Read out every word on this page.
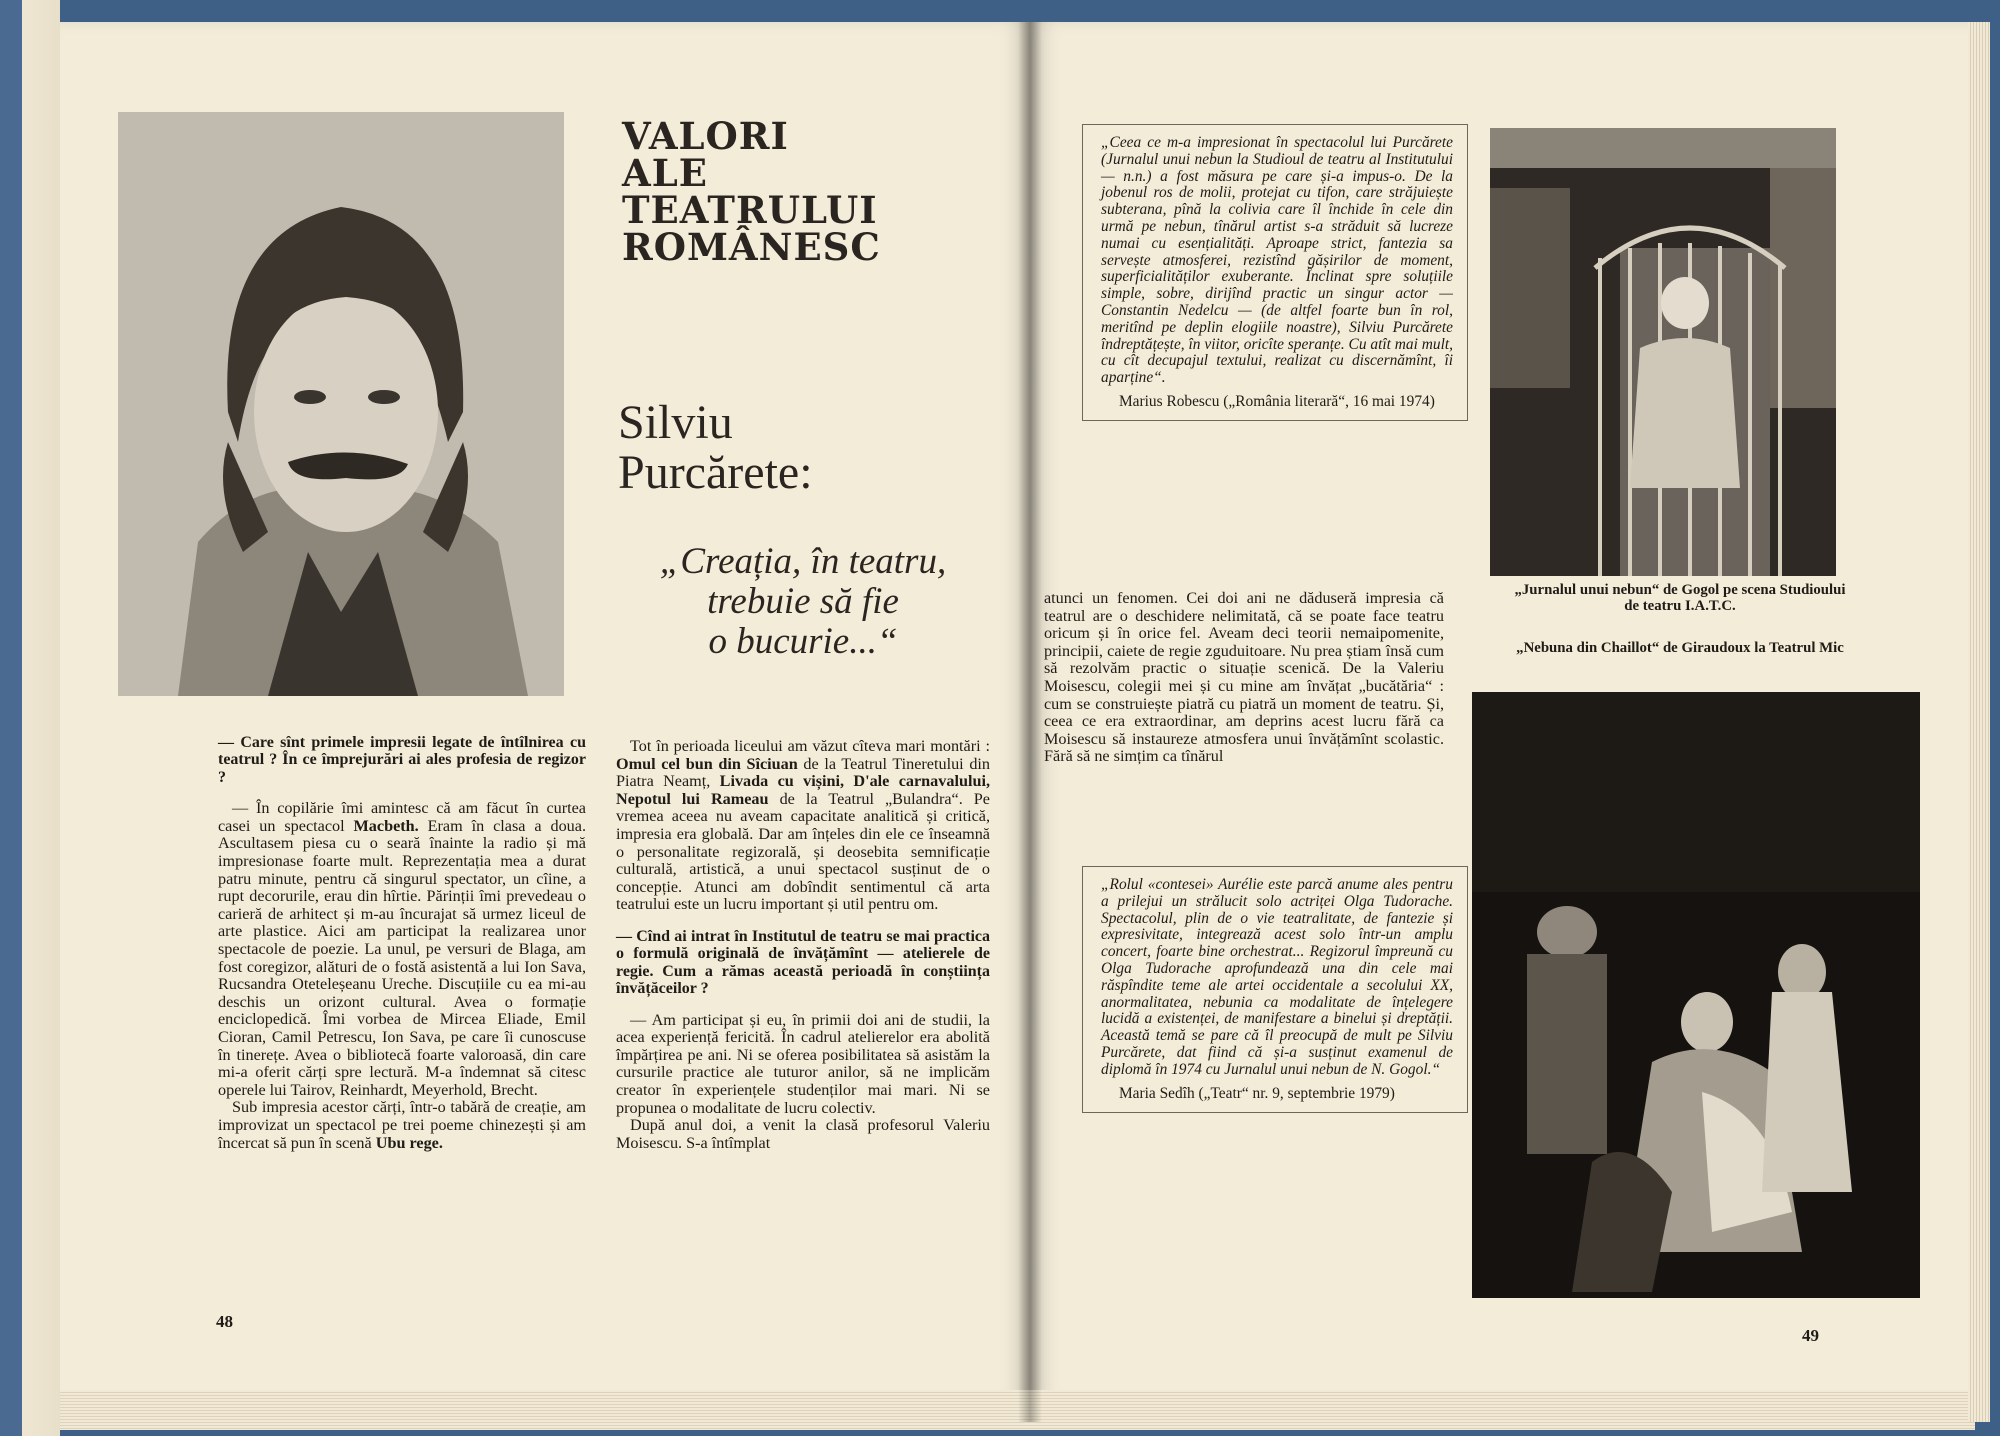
VALORI
ALE
TEATRULUI
ROMÂNESC
Silviu
Purcărete:
„Creația, în teatru,
trebuie să fie
o bucurie...“
— Care sînt primele impresii legate de întîlnirea cu teatrul ? În ce împrejurări ai ales profesia de regizor ?

— În copilărie îmi amintesc că am făcut în curtea casei un spectacol Macbeth. Eram în clasa a doua. Ascultasem piesa cu o seară înainte la radio și mă impresionase foarte mult. Reprezentația mea a durat patru minute, pentru că singurul spectator, un cîine, a rupt decorurile, erau din hîrtie. Părinții îmi prevedeau o carieră de arhitect și m-au încurajat să urmez liceul de arte plastice. Aici am participat la realizarea unor spectacole de poezie. La unul, pe versuri de Blaga, am fost coregizor, alături de o fostă asistentă a lui Ion Sava, Rucsandra Otetelеșeanu Ureche. Discuțiile cu ea mi-au deschis un orizont cultural. Avea o formație enciclopedică. Îmi vorbea de Mircea Eliade, Emil Cioran, Camil Petrescu, Ion Sava, pe care îi cunoscuse în tinerețe. Avea o bibliotecă foarte valoroasă, din care mi-a oferit cărți spre lectură. M-a îndemnat să citesc operele lui Tairov, Reinhardt, Meyerhold, Brecht.

Sub impresia acestor cărți, într-o tabără de creație, am improvizat un spectacol pe trei poeme chinezești și am încercat să pun în scenă Ubu rege.

Tot în perioada liceului am văzut cîteva mari montări : Omul cel bun din Sîciuan de la Teatrul Tineretului din Piatra Neamț, Livada cu vișini, D'ale carnavalului, Nepotul lui Rameau de la Teatrul „Bulandra“. Pe vremea aceea nu aveam capacitate analitică și critică, impresia era globală. Dar am înțeles din ele ce înseamnă o personalitate regizorală, și deosebita semnificație culturală, artistică, a unui spectacol susținut de o concepție. Atunci am dobîndit sentimentul că arta teatrului este un lucru important și util pentru om.

— Cînd ai intrat în Institutul de teatru se mai practica o formulă originală de învățămînt — atelierele de regie. Cum a rămas această perioadă în conștiința învățăceilor ?

— Am participat și eu, în primii doi ani de studii, la acea experiență fericită. În cadrul atelierelor era abolită împărțirea pe ani. Ni se oferea posibilitatea să asistăm la cursurile practice ale tuturor anilor, să ne implicăm creator în experiențele studenților mai mari. Ni se propunea o modalitate de lucru colectiv.

După anul doi, a venit la clasă profesorul Valeriu Moisescu. S-a întîmplat

48
„Ceea ce m-a impresionat în spectacolul lui Purcărete (Jurnalul unui nebun la Studioul de teatru al Institutului — n.n.) a fost măsura pe care și-a impus-o. De la jobenul ros de molii, protejat cu tifon, care străjuiește subterana, pînă la colivia care îl închide în cele din urmă pe nebun, tînărul artist s-a străduit să lucreze numai cu esențialități. Aproape strict, fantezia sa servește atmosferei, rezistînd gășirilor de moment, superficialităților exuberante. Înclinat spre soluțiile simple, sobre, dirijînd practic un singur actor — Constantin Nedelcu — (de altfel foarte bun în rol, meritînd pe deplin elogiile noastre), Silviu Purcărete îndreptățește, în viitor, oricîte speranțe. Cu atît mai mult, cu cît decupajul textului, realizat cu discernămînt, îi aparține“.
Marius Robescu („România literară“, 16 mai 1974)
„Jurnalul unui nebun“ de Gogol pe scena Studioului de teatru I.A.T.C.
„Nebuna din Chaillot“ de Giraudoux la Teatrul Mic
atunci un fenomen. Cei doi ani ne dăduseră impresia că teatrul are o deschidere nelimitată, că se poate face teatru oricum și în orice fel. Aveam deci teorii nemaipomenite, principii, caiete de regie zguduitoare. Nu prea știam însă cum să rezolvăm practic o situație scenică. De la Valeriu Moisescu, colegii mei și cu mine am învățat „bucătăria“ : cum se construiește piatră cu piatră un moment de teatru. Și, ceea ce era extraordinar, am deprins acest lucru fără ca Moisescu să instaureze atmosfera unui învățămînt scolastic. Fără să ne simțim ca tînărul
„Rolul «contesei» Aurélie este parcă anume ales pentru a prilejui un strălucit solo actriței Olga Tudorache. Spectacolul, plin de o vie teatralitate, de fantezie și expresivitate, integrează acest solo într-un amplu concert, foarte bine orchestrat... Regizorul împreună cu Olga Tudorache aprofundează una din cele mai răspîndite teme ale artei occidentale a secolului XX, anormalitatea, nebunia ca modalitate de înțelegere lucidă a existenței, de manifestare a binelui și dreptății. Această temă se pare că îl preocupă de mult pe Silviu Purcărete, dat fiind că și-a susținut examenul de diplomă în 1974 cu Jurnalul unui nebun de N. Gogol.“
Maria Sedîh („Teatr“ nr. 9, septembrie 1979)
49
